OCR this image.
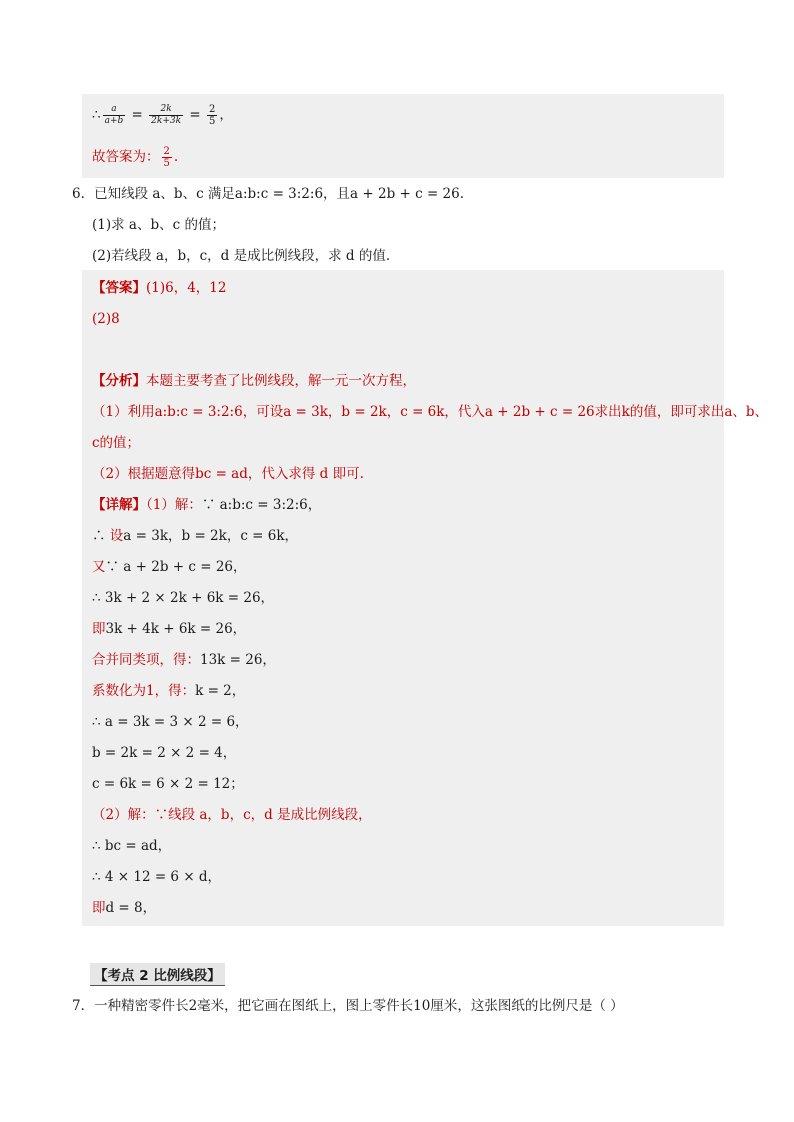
∴ $\frac{a}{a+b} = \frac{2k}{2k+3k} = \frac{2}{5}$ ，
故答案为： $\frac{2}{5}$ .
6．已知线段 a、b、c 满足a:b:c = 3:2:6，且a + 2b + c = 26.
(1)求 a、b、c 的值；
(2)若线段 a，b，c，d 是成比例线段，求 d 的值.
【答案】(1)6，4，12
(2)8
【分析】本题主要考查了比例线段，解一元一次方程，
（1）利用a:b:c = 3:2:6，可设a = 3k，b = 2k，c = 6k，代入a + 2b + c = 26求出k的值，即可求出a、b、
c的值；
（2）根据题意得bc = ad，代入求得 d 即可.
【详解】（1）解：∵ a:b:c = 3:2:6，
∴ 设a = 3k，b = 2k，c = 6k，
又∵ a + 2b + c = 26，
∴ 3k + 2 × 2k + 6k = 26，
即3k + 4k + 6k = 26，
合并同类项，得：13k = 26，
系数化为1，得：k = 2，
∴ a = 3k = 3 × 2 = 6，
b = 2k = 2 × 2 = 4，
c = 6k = 6 × 2 = 12；
（2）解：∵线段 a，b，c，d 是成比例线段，
∴ bc = ad，
∴ 4 × 12 = 6 × d，
即d = 8，
【考点 2 比例线段】
7．一种精密零件长2毫米，把它画在图纸上，图上零件长10厘米，这张图纸的比例尺是（ ）
